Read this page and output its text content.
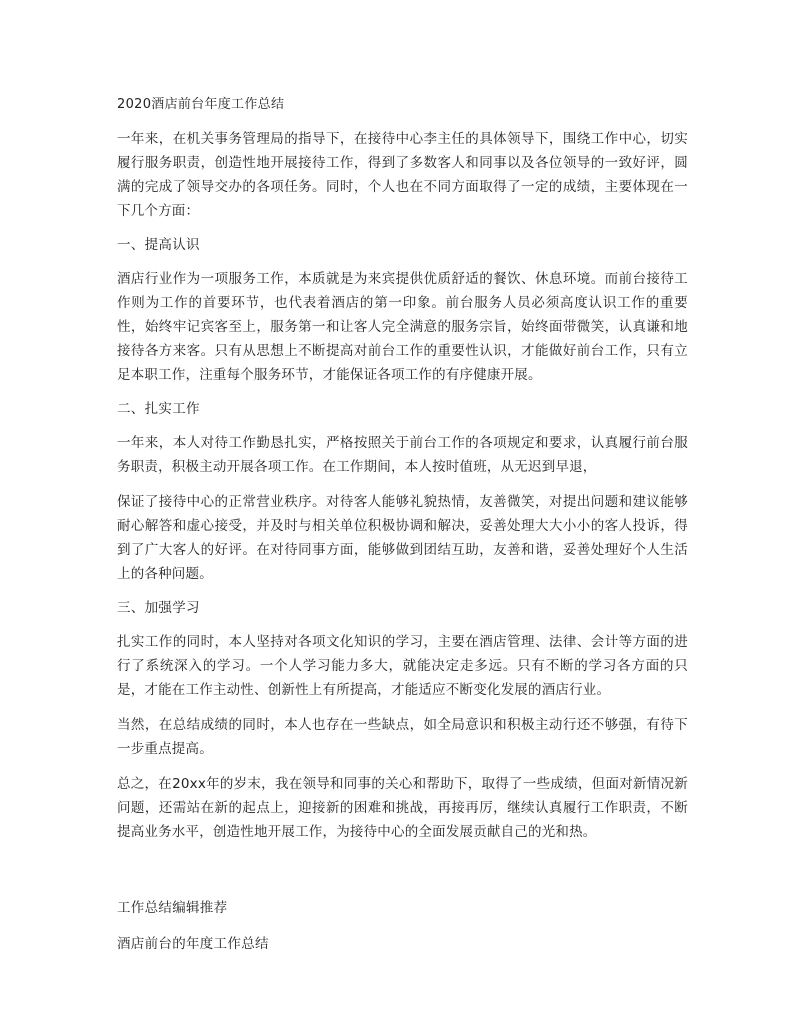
2020酒店前台年度工作总结

一年来，在机关事务管理局的指导下，在接待中心李主任的具体领导下，围绕工作中心，切实履行服务职责，创造性地开展接待工作，得到了多数客人和同事以及各位领导的一致好评，圆满的完成了领导交办的各项任务。同时，个人也在不同方面取得了一定的成绩，主要体现在一下几个方面：

一、提高认识

酒店行业作为一项服务工作，本质就是为来宾提供优质舒适的餐饮、休息环境。而前台接待工作则为工作的首要环节，也代表着酒店的第一印象。前台服务人员必须高度认识工作的重要性，始终牢记宾客至上，服务第一和让客人完全满意的服务宗旨，始终面带微笑，认真谦和地接待各方来客。只有从思想上不断提高对前台工作的重要性认识，才能做好前台工作，只有立足本职工作，注重每个服务环节，才能保证各项工作的有序健康开展。

二、扎实工作

一年来，本人对待工作勤恳扎实，严格按照关于前台工作的各项规定和要求，认真履行前台服务职责，积极主动开展各项工作。在工作期间，本人按时值班，从无迟到早退，

保证了接待中心的正常营业秩序。对待客人能够礼貌热情，友善微笑，对提出问题和建议能够耐心解答和虚心接受，并及时与相关单位积极协调和解决，妥善处理大大小小的客人投诉，得到了广大客人的好评。在对待同事方面，能够做到团结互助，友善和谐，妥善处理好个人生活上的各种问题。

三、加强学习

扎实工作的同时，本人坚持对各项文化知识的学习，主要在酒店管理、法律、会计等方面的进行了系统深入的学习。一个人学习能力多大，就能决定走多远。只有不断的学习各方面的只是，才能在工作主动性、创新性上有所提高，才能适应不断变化发展的酒店行业。

当然，在总结成绩的同时，本人也存在一些缺点，如全局意识和积极主动行还不够强，有待下一步重点提高。

总之，在20xx年的岁末，我在领导和同事的关心和帮助下，取得了一些成绩，但面对新情况新问题，还需站在新的起点上，迎接新的困难和挑战，再接再厉，继续认真履行工作职责，不断提高业务水平，创造性地开展工作，为接待中心的全面发展贡献自己的光和热。

工作总结编辑推荐
酒店前台的年度工作总结
